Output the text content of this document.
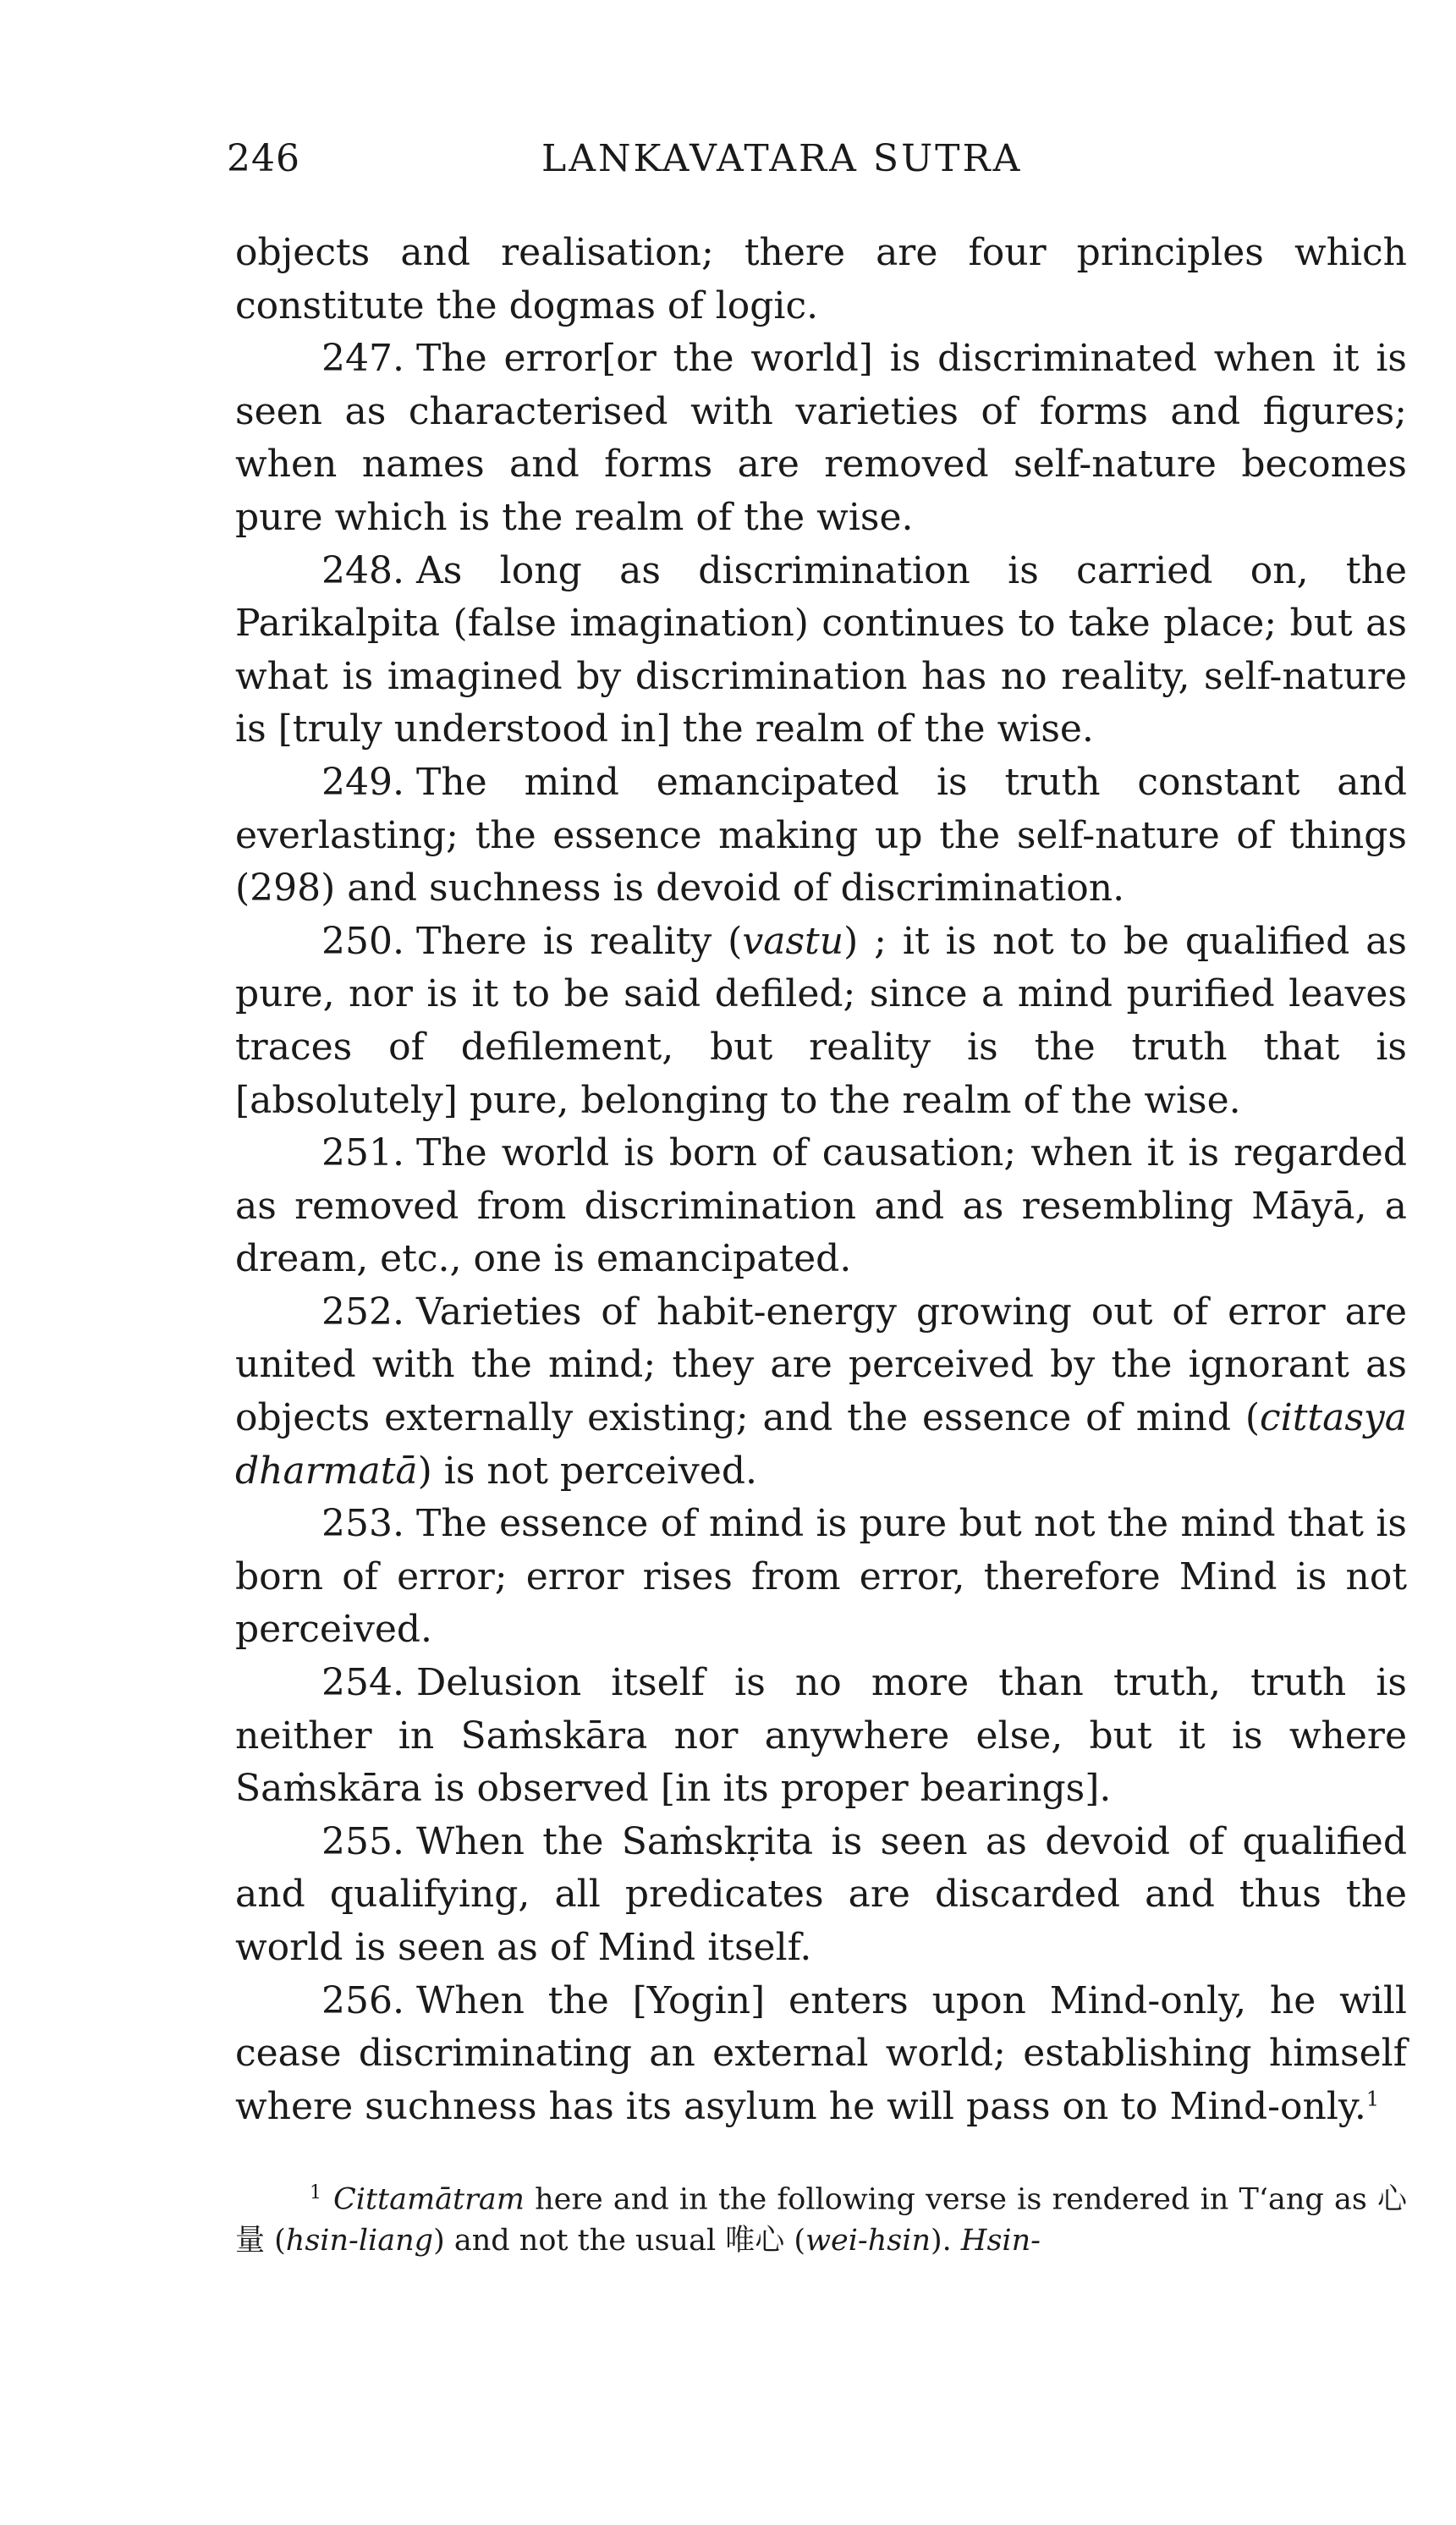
246	LANKAVATARA SUTRA

objects and realisation; there are four principles which constitute the dogmas of logic.

247. The error[or the world] is discriminated when it is seen as characterised with varieties of forms and figures; when names and forms are removed self-nature becomes pure which is the realm of the wise.

248. As long as discrimination is carried on, the Parikalpita (false imagination) continues to take place; but as what is imagined by discrimination has no reality, self-nature is [truly understood in] the realm of the wise.

249. The mind emancipated is truth constant and everlasting; the essence making up the self-nature of things (298) and suchness is devoid of discrimination.

250. There is reality (vastu) ; it is not to be qualified as pure, nor is it to be said defiled; since a mind purified leaves traces of defilement, but reality is the truth that is [absolutely] pure, belonging to the realm of the wise.

251. The world is born of causation; when it is regarded as removed from discrimination and as resembling Māyā, a dream, etc., one is emancipated.

252. Varieties of habit-energy growing out of error are united with the mind; they are perceived by the ignorant as objects externally existing; and the essence of mind (cittasya dharmatā) is not perceived.

253. The essence of mind is pure but not the mind that is born of error; error rises from error, therefore Mind is not perceived.

254. Delusion itself is no more than truth, truth is neither in Saṁskāra nor anywhere else, but it is where Saṁskāra is observed [in its proper bearings].

255. When the Saṁskṛita is seen as devoid of qualified and qualifying, all predicates are discarded and thus the world is seen as of Mind itself.

256. When the [Yogin] enters upon Mind-only, he will cease discriminating an external world; establishing himself where suchness has its asylum he will pass on to Mind-only.$^1$

$^1$ Cittamātram here and in the following verse is rendered in T‘ang as 心量 (hsin-liang) and not the usual 唯心 (wei-hsin). Hsin-
